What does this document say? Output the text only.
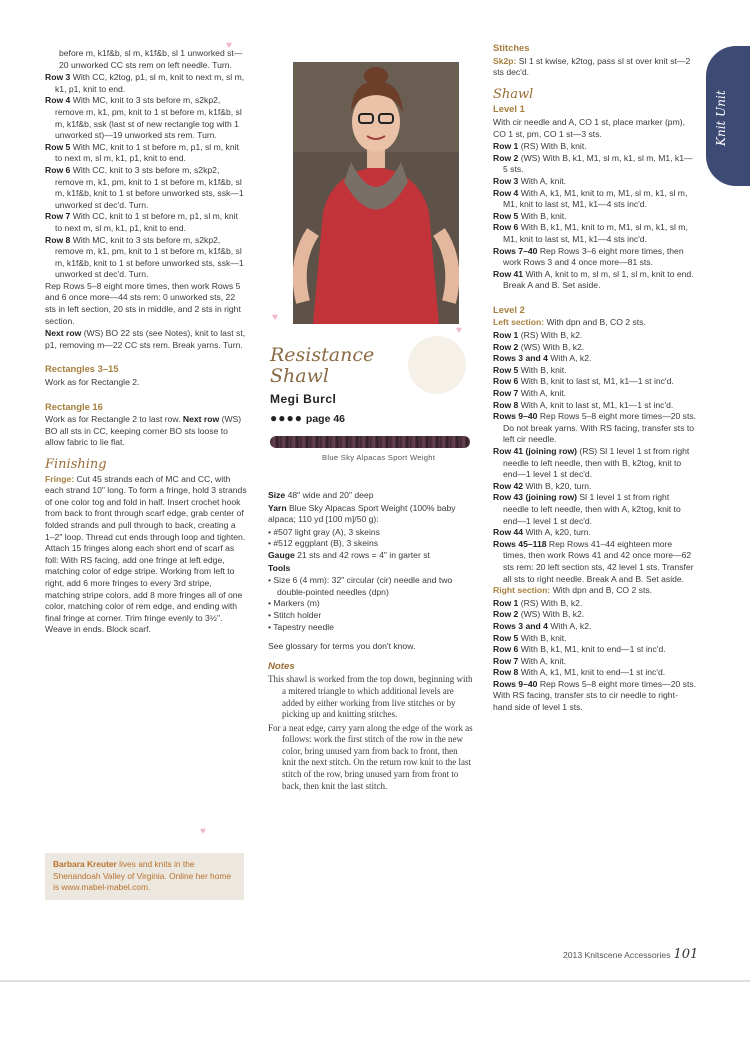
♥
♥
♥
♥

before m, k1f&b, sl m, k1f&b, sl 1 unworked st—20 unworked CC sts rem on left needle. Turn.

Row 3 With CC, k2tog, p1, sl m, knit to next m, sl m, k1, p1, knit to end.

Row 4 With MC, knit to 3 sts before m, s2kp2, remove m, k1, pm, knit to 1 st before m, k1f&b, sl m, k1f&b, ssk (last st of new rectangle tog with 1 unworked st)—19 unworked sts rem. Turn.

Row 5 With MC, knit to 1 st before m, p1, sl m, knit to next m, sl m, k1, p1, knit to end.

Row 6 With CC, knit to 3 sts before m, s2kp2, remove m, k1, pm, knit to 1 st before m, k1f&b, sl m, k1f&b, knit to 1 st before unworked sts, ssk—1 unworked st dec'd. Turn.

Row 7 With CC, knit to 1 st before m, p1, sl m, knit to next m, sl m, k1, p1, knit to end.

Row 8 With MC, knit to 3 sts before m, s2kp2, remove m, k1, pm, knit to 1 st before m, k1f&b, sl m, k1f&b, knit to 1 st before unworked sts, ssk—1 unworked st dec'd. Turn.

Rep Rows 5–8 eight more times, then work Rows 5 and 6 once more—44 sts rem: 0 unworked sts, 22 sts in left section, 20 sts in middle, and 2 sts in right section.

Next row (WS) BO 22 sts (see Notes), knit to last st, p1, removing m—22 CC sts rem. Break yarns. Turn.

Rectangles 3–15

Work as for Rectangle 2.

Rectangle 16

Work as for Rectangle 2 to last row. Next row (WS) BO all sts in CC, keeping corner BO sts loose to allow fabric to lie flat.

Finishing

Fringe: Cut 45 strands each of MC and CC, with each strand 10" long. To form a fringe, hold 3 strands of one color tog and fold in half. Insert crochet hook from back to front through scarf edge, grab center of folded strands and pull through to back, creating a 1–2" loop. Thread cut ends through loop and tighten. Attach 15 fringes along each short end of scarf as foll: With RS facing, add one fringe at left edge, matching color of edge stripe. Working from left to right, add 6 more fringes to every 3rd stripe, matching stripe colors, add 8 more fringes all of one color, matching color of rem edge, and ending with final fringe at corner. Trim fringe evenly to 3½". Weave in ends. Block scarf.

Barbara Kreuter lives and knits in the Shenandoah Valley of Virginia. Online her home is www.mabel-mabel.com.
Resistance
Shawl
Megi Burcl
●●●● page 46
Blue Sky Alpacas Sport Weight

Size 48" wide and 20" deep

Yarn Blue Sky Alpacas Sport Weight (100% baby alpaca; 110 yd [100 m]/50 g):

• #507 light gray (A), 3 skeins

• #512 eggplant (B), 3 skeins

Gauge 21 sts and 42 rows = 4" in garter st

Tools

• Size 6 (4 mm): 32" circular (cir) needle and two double-pointed needles (dpn)

• Markers (m)

• Stitch holder

• Tapestry needle

See glossary for terms you don't know.

Notes

This shawl is worked from the top down, beginning with a mitered triangle to which additional levels are added by either working from live stitches or by picking up and knitting stitches.

For a neat edge, carry yarn along the edge of the work as follows: work the first stitch of the row in the new color, bring unused yarn from back to front, then knit the next stitch. On the return row knit to the last stitch of the row, bring unused yarn from front to back, then knit the last stitch.

Stitches

Sk2p: Sl 1 st kwise, k2tog, pass sl st over knit st—2 sts dec'd.

Shawl
Level 1

With cir needle and A, CO 1 st, place marker (pm), CO 1 st, pm, CO 1 st—3 sts.

Row 1 (RS) With B, knit.

Row 2 (WS) With B, k1, M1, sl m, k1, sl m, M1, k1—5 sts.

Row 3 With A, knit.

Row 4 With A, k1, M1, knit to m, M1, sl m, k1, sl m, M1, knit to last st, M1, k1—4 sts inc'd.

Row 5 With B, knit.

Row 6 With B, k1, M1, knit to m, M1, sl m, k1, sl m, M1, knit to last st, M1, k1—4 sts inc'd.

Rows 7–40 Rep Rows 3–6 eight more times, then work Rows 3 and 4 once more—81 sts.

Row 41 With A, knit to m, sl m, sl 1, sl m, knit to end. Break A and B. Set aside.

Level 2

Left section: With dpn and B, CO 2 sts.

Row 1 (RS) With B, k2.

Row 2 (WS) With B, k2.

Rows 3 and 4 With A, k2.

Row 5 With B, knit.

Row 6 With B, knit to last st, M1, k1—1 st inc'd.

Row 7 With A, knit.

Row 8 With A, knit to last st, M1, k1—1 st inc'd.

Rows 9–40 Rep Rows 5–8 eight more times—20 sts. Do not break yarns. With RS facing, transfer sts to left cir needle.

Row 41 (joining row) (RS) Sl 1 level 1 st from right needle to left needle, then with B, k2tog, knit to end—1 level 1 st dec'd.

Row 42 With B, k20, turn.

Row 43 (joining row) Sl 1 level 1 st from right needle to left needle, then with A, k2tog, knit to end—1 level 1 st dec'd.

Row 44 With A, k20, turn.

Rows 45–118 Rep Rows 41–44 eighteen more times, then work Rows 41 and 42 once more—62 sts rem: 20 left section sts, 42 level 1 sts. Transfer all sts to right needle. Break A and B. Set aside.

Right section: With dpn and B, CO 2 sts.

Row 1 (RS) With B, k2.

Row 2 (WS) With B, k2.

Rows 3 and 4 With A, k2.

Row 5 With B, knit.

Row 6 With B, k1, M1, knit to end—1 st inc'd.

Row 7 With A, knit.

Row 8 With A, k1, M1, knit to end—1 st inc'd.

Rows 9–40 Rep Rows 5–8 eight more times—20 sts.

With RS facing, transfer sts to cir needle to right-hand side of level 1 sts.

Knit Unit
2013 Knitscene Accessories 101
